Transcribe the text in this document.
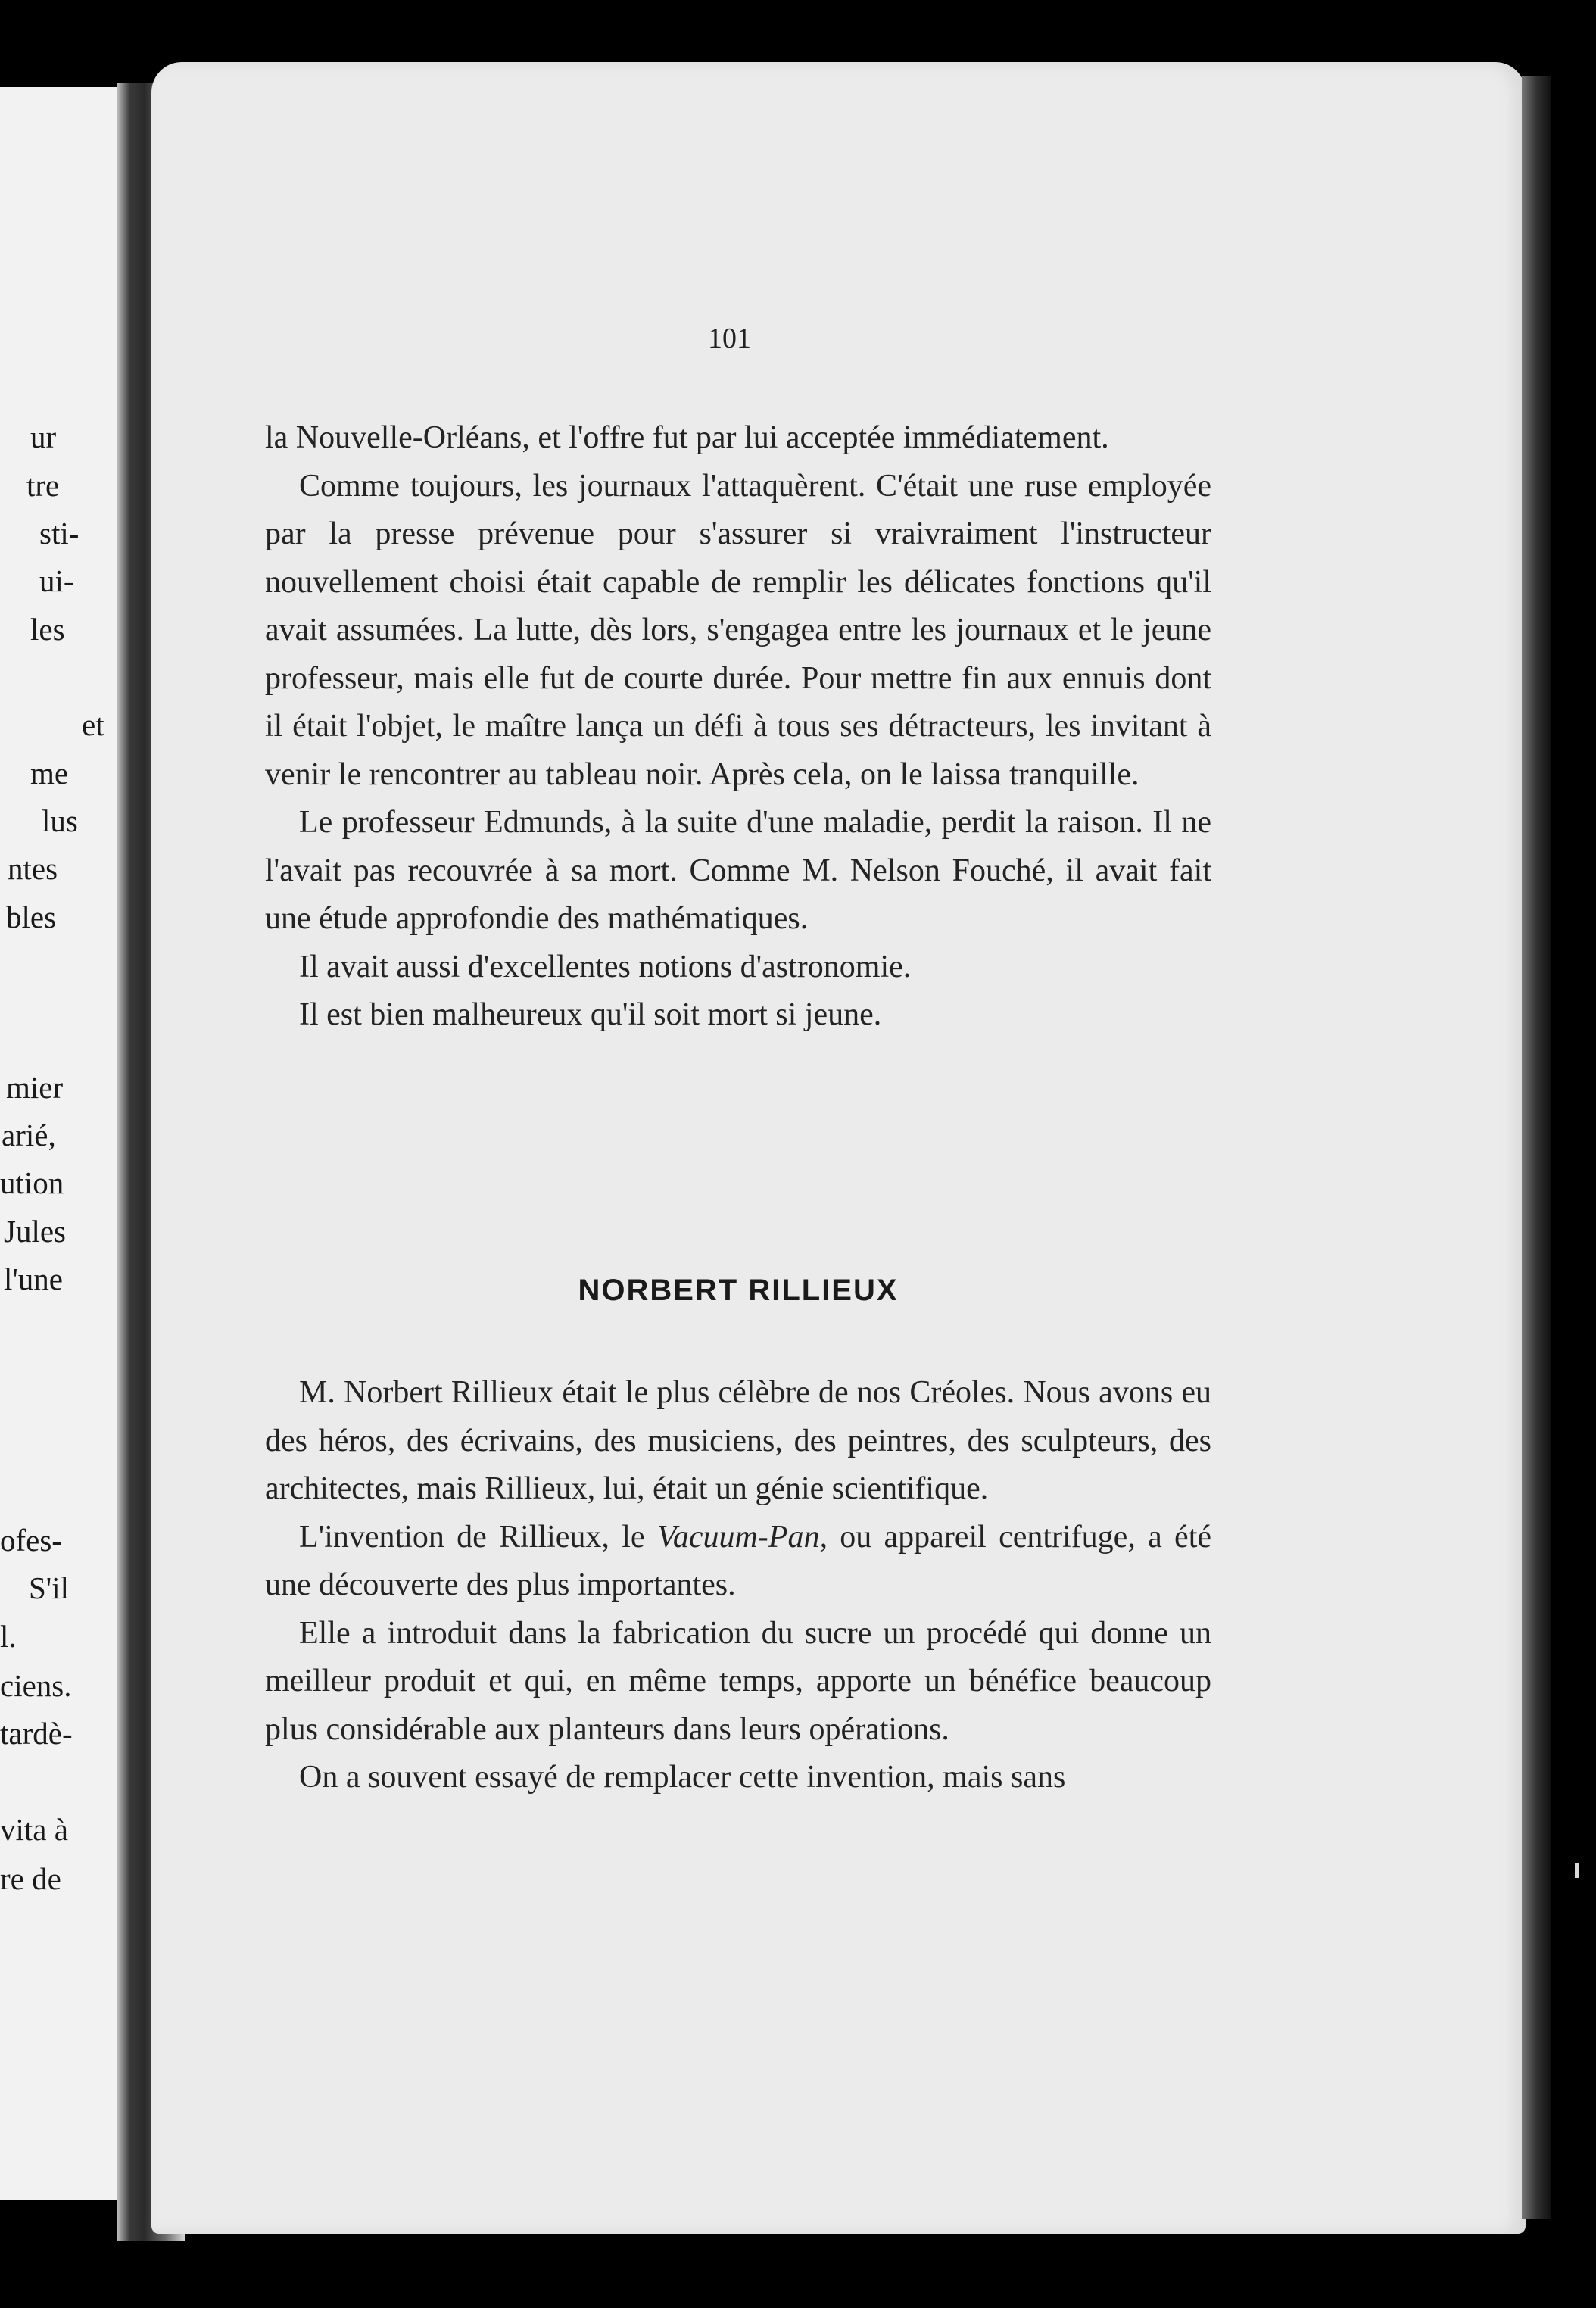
ur
tre
sti-
ui-
les
et
me
lus
ntes
bles
mier
arié,
ution
Jules
l'une
ofes-
S'il
l.
ciens.
tardè-
vita à
re de
101

la Nouvelle-Orléans, et l'offre fut par lui acceptée immédiatement.

Comme toujours, les journaux l'attaquèrent. C'était une ruse employée par la presse prévenue pour s'assurer si vraivraiment l'instructeur nouvellement choisi était capable de remplir les délicates fonctions qu'il avait assumées. La lutte, dès lors, s'engagea entre les journaux et le jeune professeur, mais elle fut de courte durée. Pour mettre fin aux ennuis dont il était l'objet, le maître lança un défi à tous ses détracteurs, les invitant à venir le rencontrer au tableau noir. Après cela, on le laissa tranquille.

Le professeur Edmunds, à la suite d'une maladie, perdit la raison. Il ne l'avait pas recouvrée à sa mort. Comme M. Nelson Fouché, il avait fait une étude approfondie des mathématiques.

Il avait aussi d'excellentes notions d'astronomie.

Il est bien malheureux qu'il soit mort si jeune.

NORBERT RILLIEUX

M. Norbert Rillieux était le plus célèbre de nos Créoles. Nous avons eu des héros, des écrivains, des musiciens, des peintres, des sculpteurs, des architectes, mais Rillieux, lui, était un génie scientifique.

L'invention de Rillieux, le Vacuum-Pan, ou appareil centrifuge, a été une découverte des plus importantes.

Elle a introduit dans la fabrication du sucre un procédé qui donne un meilleur produit et qui, en même temps, apporte un bénéfice beaucoup plus considérable aux planteurs dans leurs opérations.

On a souvent essayé de remplacer cette invention, mais sans
